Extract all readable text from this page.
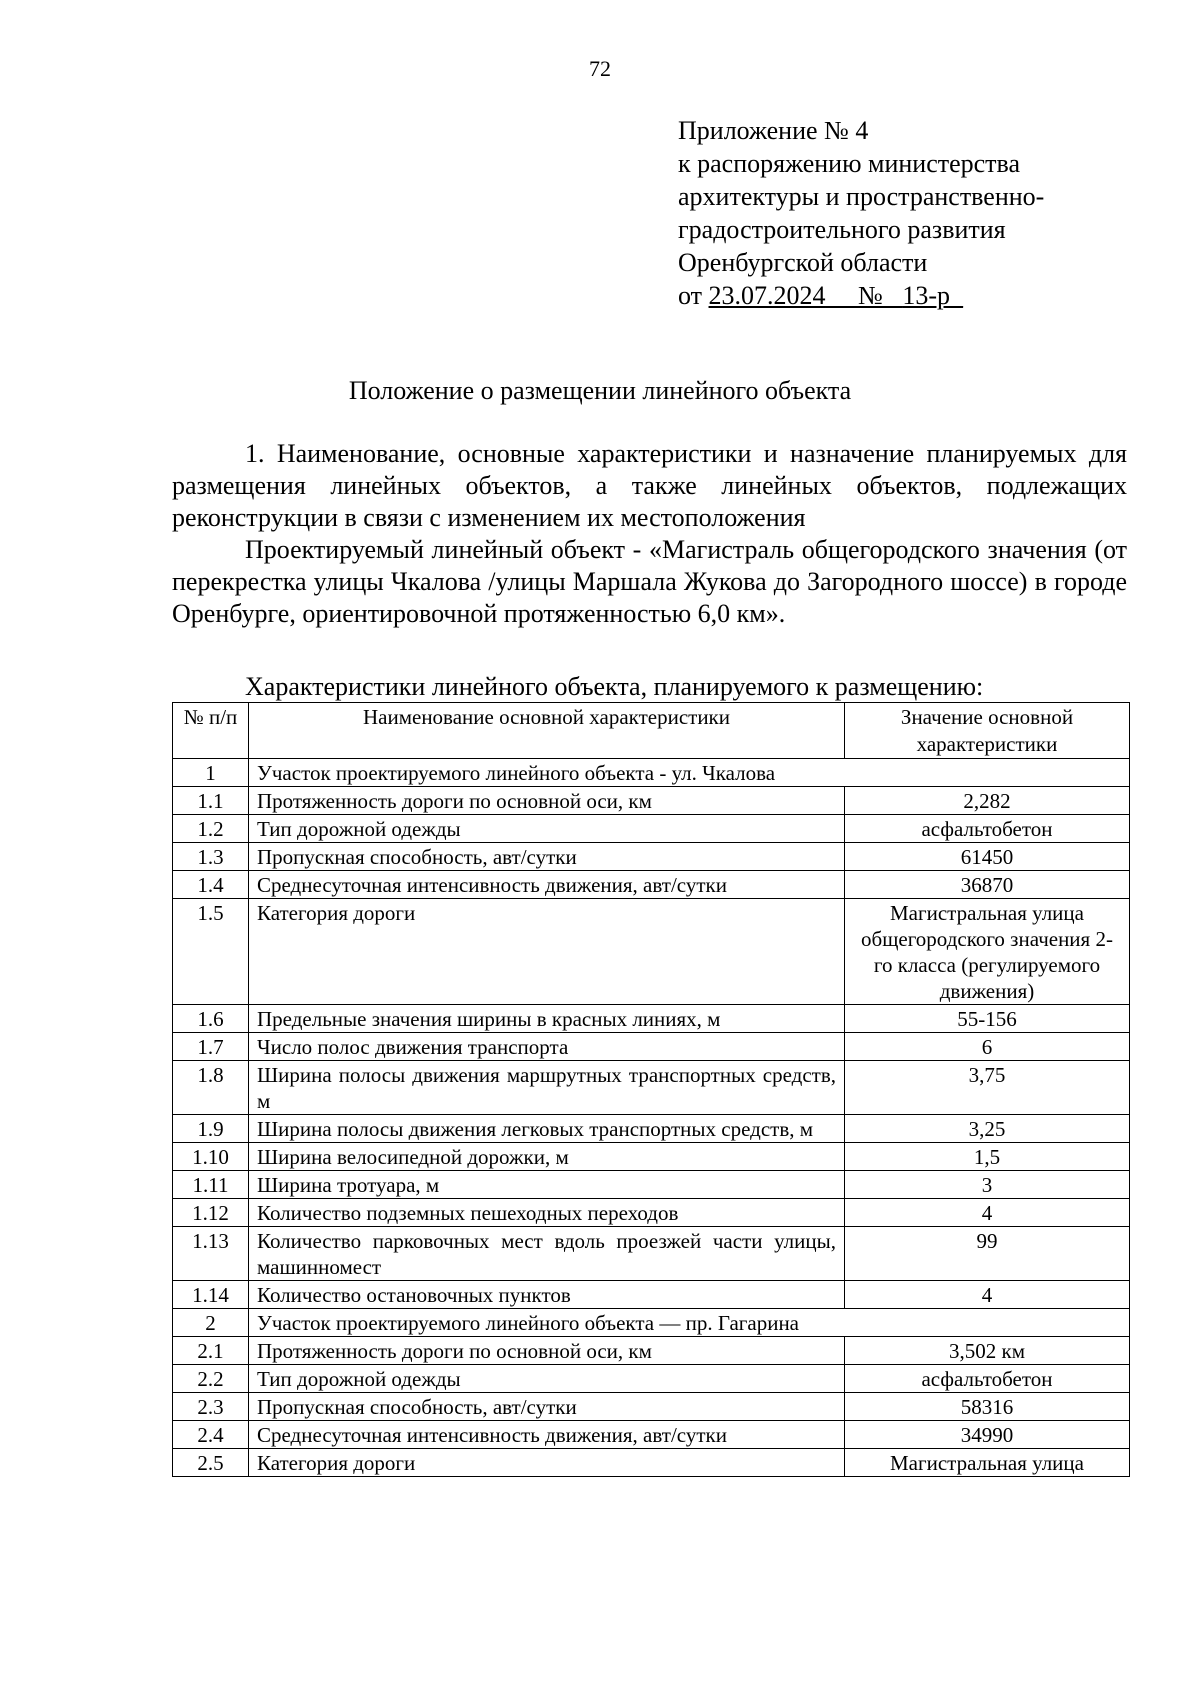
72
Приложение № 4
к распоряжению министерства
архитектуры и пространственно-
градостроительного развития
Оренбургской области
от 23.07.2024_   № _13-р_
Положение о размещении линейного объекта

1. Наименование, основные характеристики и назначение планируемых для размещения линейных объектов, а также линейных объектов, подлежащих реконструкции в связи с изменением их местоположения

Проектируемый линейный объект - «Магистраль общегородского значения (от перекрестка улицы Чкалова /улицы Маршала Жукова до Загородного шоссе) в городе Оренбурге, ориентировочной протяженностью 6,0 км».

Характеристики линейного объекта, планируемого к размещению:
№ п/п	Наименование основной характеристики	Значение основной характеристики
1	Участок проектируемого линейного объекта - ул. Чкалова	
1.1	Протяженность дороги по основной оси, км	2,282
1.2	Тип дорожной одежды	асфальтобетон
1.3	Пропускная способность, авт/сутки	61450
1.4	Среднесуточная интенсивность движения, авт/сутки	36870
1.5	Категория дороги	Магистральная улица общегородского значения 2-го класса (регулируемого движения)
1.6	Предельные значения ширины в красных линиях, м	55-156
1.7	Число полос движения транспорта	6
1.8	Ширина полосы движения маршрутных транспортных средств, м	3,75
1.9	Ширина полосы движения легковых транспортных средств, м	3,25
1.10	Ширина велосипедной дорожки, м	1,5
1.11	Ширина тротуара, м	3
1.12	Количество подземных пешеходных переходов	4
1.13	Количество парковочных мест вдоль проезжей части улицы, машинномест	99
1.14	Количество остановочных пунктов	4
2	Участок проектируемого линейного объекта — пр. Гагарина	
2.1	Протяженность дороги по основной оси, км	3,502 км
2.2	Тип дорожной одежды	асфальтобетон
2.3	Пропускная способность, авт/сутки	58316
2.4	Среднесуточная интенсивность движения, авт/сутки	34990
2.5	Категория дороги	Магистральная улица
